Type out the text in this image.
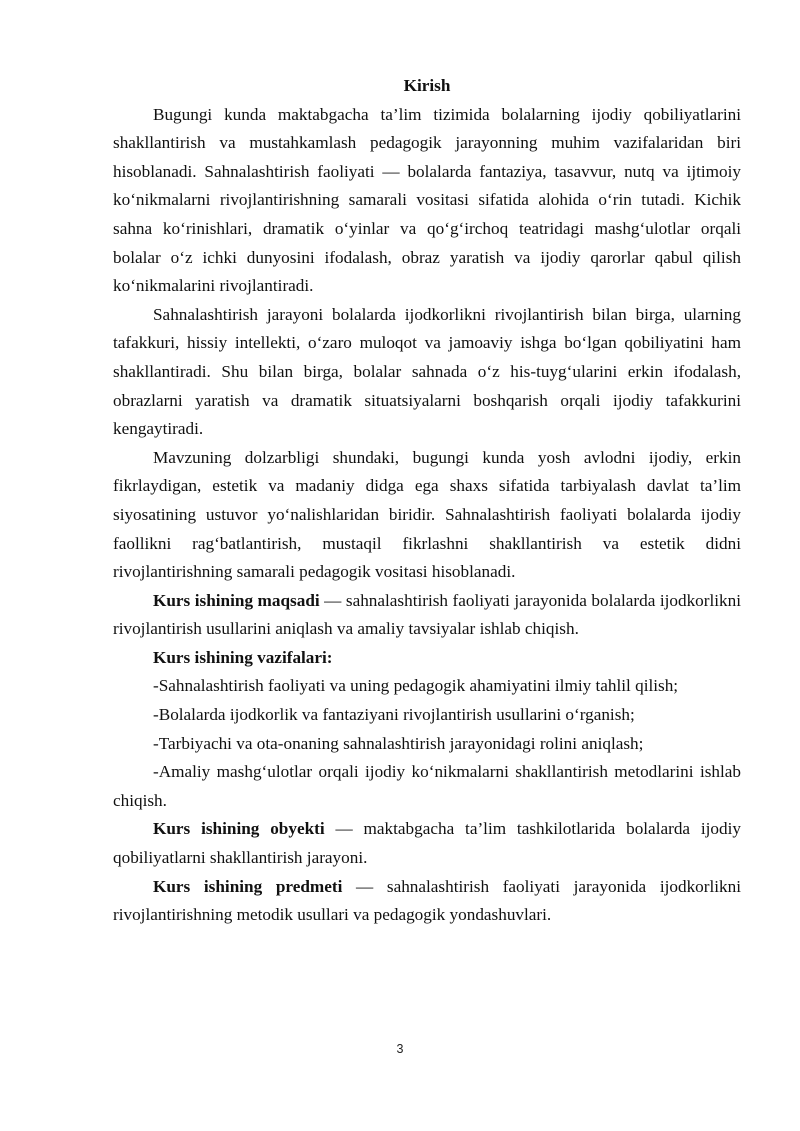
Kirish

Bugungi kunda maktabgacha ta’lim tizimida bolalarning ijodiy qobiliyatlarini shakllantirish va mustahkamlash pedagogik jarayonning muhim vazifalaridan biri hisoblanadi. Sahnalashtirish faoliyati — bolalarda fantaziya, tasavvur, nutq va ijtimoiy ko‘nikmalarni rivojlantirishning samarali vositasi sifatida alohida o‘rin tutadi. Kichik sahna ko‘rinishlari, dramatik o‘yinlar va qo‘g‘irchoq teatridagi mashg‘ulotlar orqali bolalar o‘z ichki dunyosini ifodalash, obraz yaratish va ijodiy qarorlar qabul qilish ko‘nikmalarini rivojlantiradi.

Sahnalashtirish jarayoni bolalarda ijodkorlikni rivojlantirish bilan birga, ularning tafakkuri, hissiy intellekti, o‘zaro muloqot va jamoaviy ishga bo‘lgan qobiliyatini ham shakllantiradi. Shu bilan birga, bolalar sahnada o‘z his-tuyg‘ularini erkin ifodalash, obrazlarni yaratish va dramatik situatsiyalarni boshqarish orqali ijodiy tafakkurini kengaytiradi.

Mavzuning dolzarbligi shundaki, bugungi kunda yosh avlodni ijodiy, erkin fikrlaydigan, estetik va madaniy didga ega shaxs sifatida tarbiyalash davlat ta’lim siyosatining ustuvor yo‘nalishlaridan biridir. Sahnalashtirish faoliyati bolalarda ijodiy faollikni rag‘batlantirish, mustaqil fikrlashni shakllantirish va estetik didni rivojlantirishning samarali pedagogik vositasi hisoblanadi.

Kurs ishining maqsadi — sahnalashtirish faoliyati jarayonida bolalarda ijodkorlikni rivojlantirish usullarini aniqlash va amaliy tavsiyalar ishlab chiqish.

Kurs ishining vazifalari:

-Sahnalashtirish faoliyati va uning pedagogik ahamiyatini ilmiy tahlil qilish;

-Bolalarda ijodkorlik va fantaziyani rivojlantirish usullarini o‘rganish;

-Tarbiyachi va ota-onaning sahnalashtirish jarayonidagi rolini aniqlash;

-Amaliy mashg‘ulotlar orqali ijodiy ko‘nikmalarni shakllantirish metodlarini ishlab chiqish.

Kurs ishining obyekti — maktabgacha ta’lim tashkilotlarida bolalarda ijodiy qobiliyatlarni shakllantirish jarayoni.

Kurs ishining predmeti — sahnalashtirish faoliyati jarayonida ijodkorlikni rivojlantirishning metodik usullari va pedagogik yondashuvlari.

3
